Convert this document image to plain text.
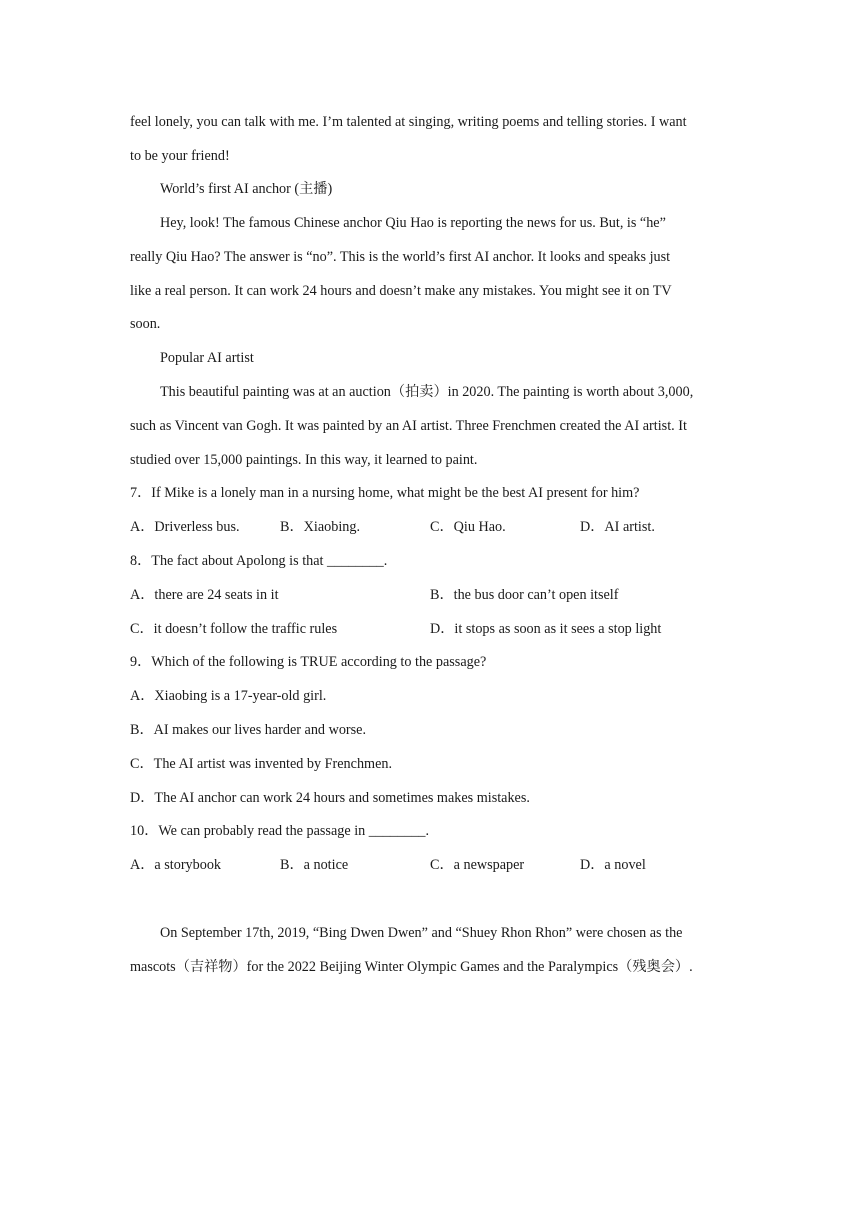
feel lonely, you can talk with me. I’m talented at singing, writing poems and telling stories. I want
to be your friend!
World’s first AI anchor (主播)
Hey, look! The famous Chinese anchor Qiu Hao is reporting the news for us. But, is “he”
really Qiu Hao? The answer is “no”. This is the world’s first AI anchor. It looks and speaks just
like a real person. It can work 24 hours and doesn’t make any mistakes. You might see it on TV
soon.
Popular AI artist
This beautiful painting was at an auction（拍卖）in 2020. The painting is worth about 3,000,
such as Vincent van Gogh. It was painted by an AI artist. Three Frenchmen created the AI artist. It
studied over 15,000 paintings. In this way, it learned to paint.
7．If Mike is a lonely man in a nursing home, what might be the best AI present for him?
A．Driverless bus.	B．Xiaobing.	C．Qiu Hao.	D．AI artist.
8．The fact about Apolong is that ________.
A．there are 24 seats in it	B．the bus door can’t open itself
C．it doesn’t follow the traffic rules	D．it stops as soon as it sees a stop light
9．Which of the following is TRUE according to the passage?
A．Xiaobing is a 17-year-old girl.
B．AI makes our lives harder and worse.
C．The AI artist was invented by Frenchmen.
D．The AI anchor can work 24 hours and sometimes makes mistakes.
10．We can probably read the passage in ________.
A．a storybook	B．a notice	C．a newspaper	D．a novel
On September 17th, 2019, “Bing Dwen Dwen” and “Shuey Rhon Rhon” were chosen as the
mascots（吉祥物）for the 2022 Beijing Winter Olympic Games and the Paralympics（残奥会）.
